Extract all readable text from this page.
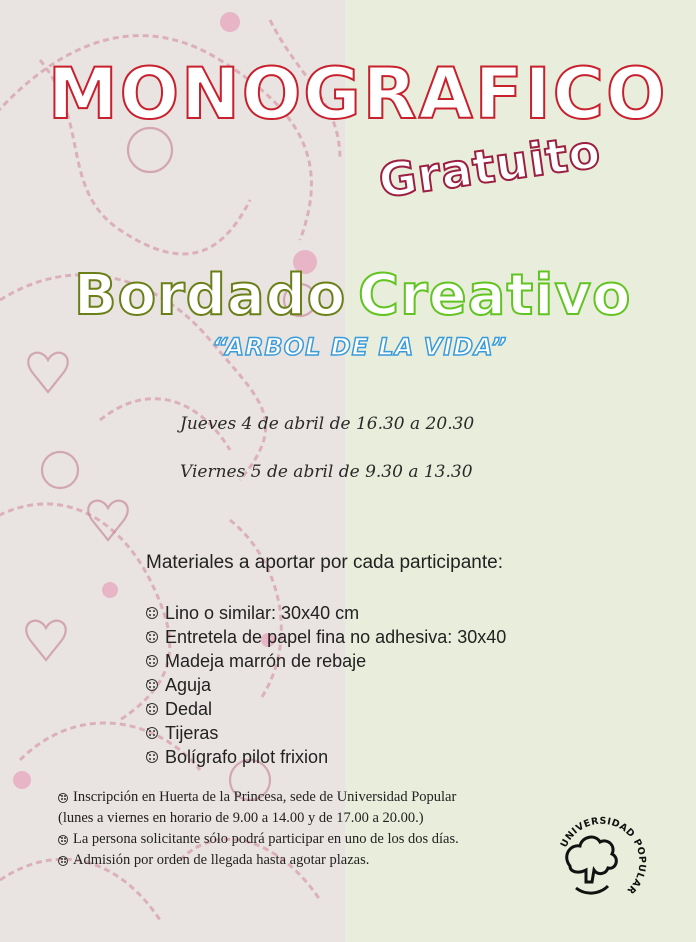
MONOGRAFICO
Gratuito
Bordado Creativo
“ARBOL DE LA VIDA”
Jueves 4 de abril de 16.30 a 20.30
Viernes 5 de abril de 9.30 a 13.30
Materiales a aportar por cada participante:
Lino o similar: 30x40 cm
Entretela de papel fina no adhesiva: 30x40
Madeja marrón de rebaje
Aguja
Dedal
Tijeras
Bolígrafo pilot frixion
Inscripción en Huerta de la Princesa, sede de Universidad Popular
(lunes a viernes en horario de 9.00 a 14.00 y de 17.00 a 20.00.)
La persona solicitante sólo podrá participar en uno de los dos días.
Admisión por orden de llegada hasta agotar plazas.
UNIVERSIDAD POPULAR
